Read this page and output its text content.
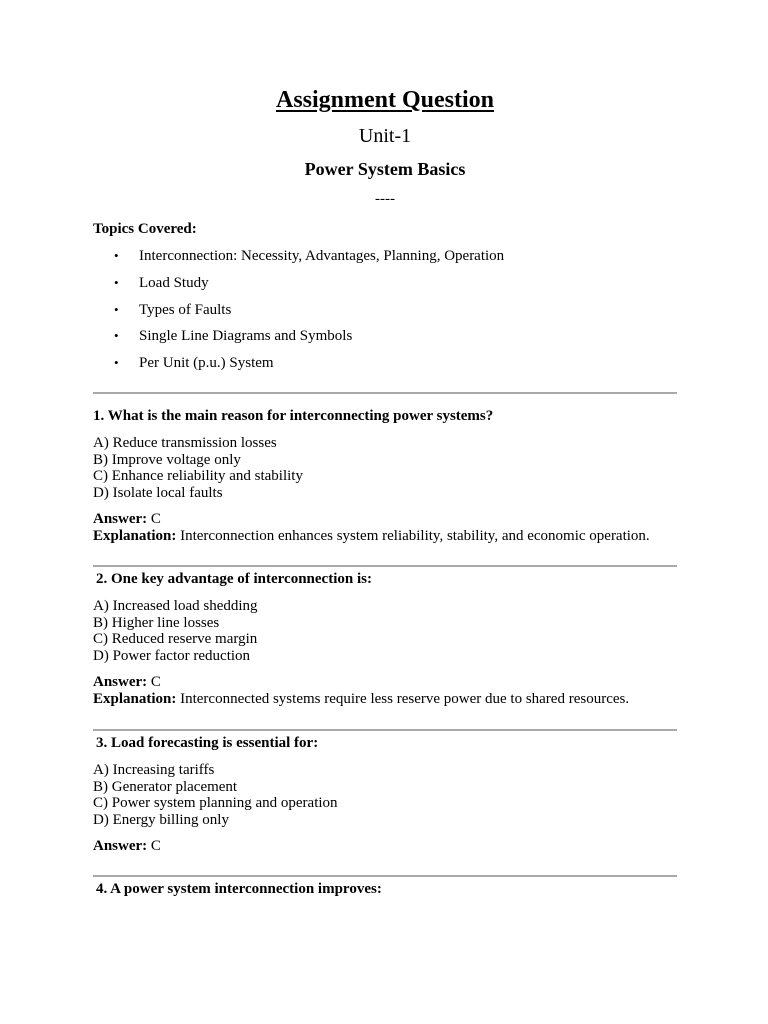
Assignment Question
Unit-1
Power System Basics
----
Topics Covered:
• Interconnection: Necessity, Advantages, Planning, Operation
• Load Study
• Types of Faults
• Single Line Diagrams and Symbols
• Per Unit (p.u.) System

1. What is the main reason for interconnecting power systems?

A) Reduce transmission losses
B) Improve voltage only
C) Enhance reliability and stability
D) Isolate local faults

Answer: C

Explanation: Interconnection enhances system reliability, stability, and economic operation.

2. One key advantage of interconnection is:

A) Increased load shedding
B) Higher line losses
C) Reduced reserve margin
D) Power factor reduction

Answer: C

Explanation: Interconnected systems require less reserve power due to shared resources.

3. Load forecasting is essential for:

A) Increasing tariffs
B) Generator placement
C) Power system planning and operation
D) Energy billing only

Answer: C

4. A power system interconnection improves:
